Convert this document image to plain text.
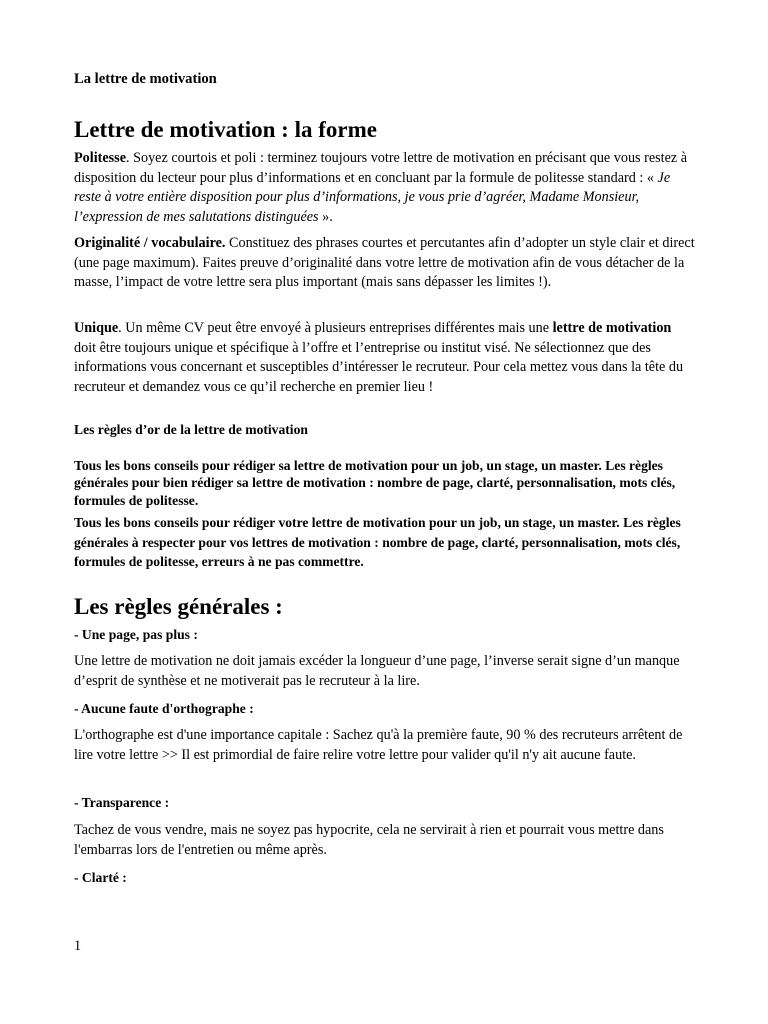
La lettre de motivation
Lettre de motivation : la forme

Politesse. Soyez courtois et poli : terminez toujours votre lettre de motivation en précisant que vous restez à disposition du lecteur pour plus d’informations et en concluant par la formule de politesse standard : « Je reste à votre entière disposition pour plus d’informations, je vous prie d’agréer, Madame Monsieur, l’expression de mes salutations distinguées ».

Originalité / vocabulaire. Constituez des phrases courtes et percutantes afin d’adopter un style clair et direct (une page maximum). Faites preuve d’originalité dans votre lettre de motivation afin de vous détacher de la masse, l’impact de votre lettre sera plus important (mais sans dépasser les limites !).

Unique. Un même CV peut être envoyé à plusieurs entreprises différentes mais une lettre de motivation doit être toujours unique et spécifique à l’offre et l’entreprise ou institut visé. Ne sélectionnez que des informations vous concernant et susceptibles d’intéresser le recruteur. Pour cela mettez vous dans la tête du recruteur et demandez vous ce qu’il recherche en premier lieu !

Les règles d’or de la lettre de motivation

Tous les bons conseils pour rédiger sa lettre de motivation pour un job, un stage, un master. Les règles générales pour bien rédiger sa lettre de motivation : nombre de page, clarté, personnalisation, mots clés, formules de politesse.

Tous les bons conseils pour rédiger votre lettre de motivation pour un job, un stage, un master. Les règles générales à respecter pour vos lettres de motivation : nombre de page, clarté, personnalisation, mots clés, formules de politesse, erreurs à ne pas commettre.

Les règles générales :
- Une page, pas plus :

Une lettre de motivation ne doit jamais excéder la longueur d’une page, l’inverse serait signe d’un manque d’esprit de synthèse et ne motiverait pas le recruteur à la lire.

- Aucune faute d'orthographe :

L'orthographe est d'une importance capitale : Sachez qu'à la première faute, 90 % des recruteurs arrêtent de lire votre lettre >> Il est primordial de faire relire votre lettre pour valider qu'il n'y ait aucune faute.

- Transparence :

Tachez de vous vendre, mais ne soyez pas hypocrite, cela ne servirait à rien et pourrait vous mettre dans l'embarras lors de l'entretien ou même après.

- Clarté :
1
